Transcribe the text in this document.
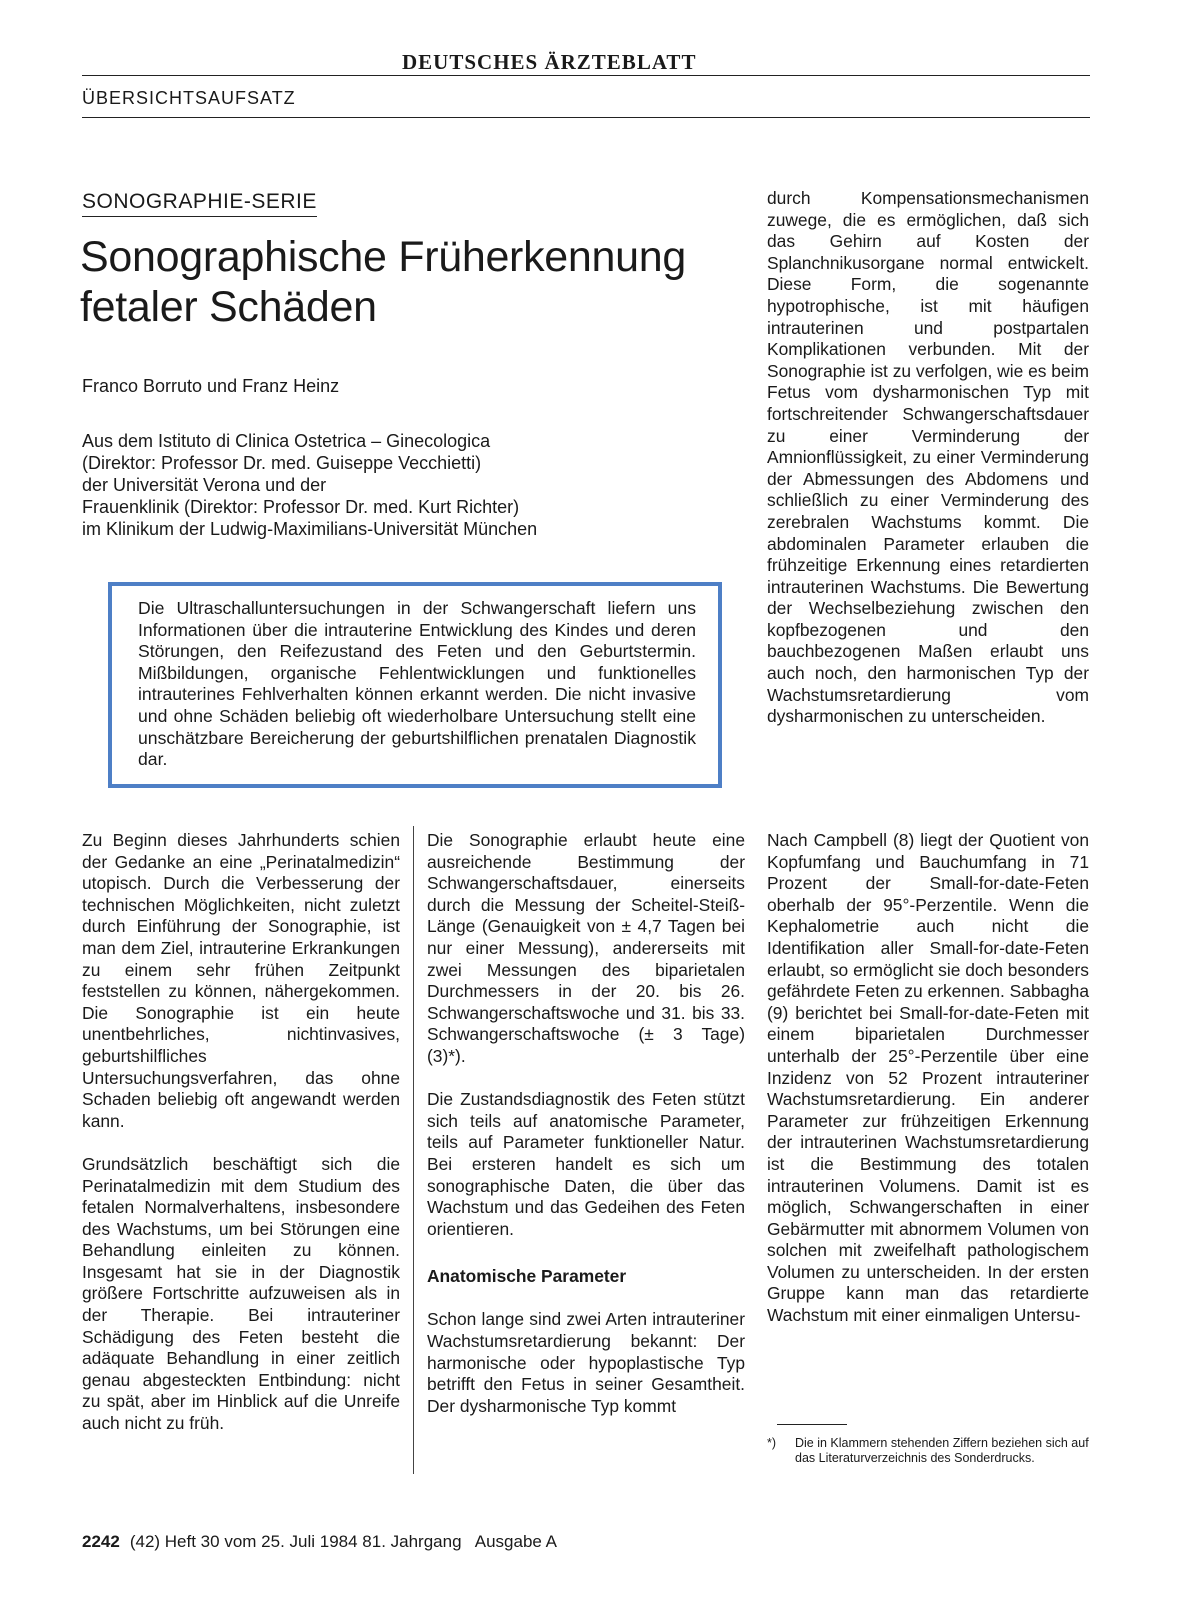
DEUTSCHES ÄRZTEBLATT
ÜBERSICHTSAUFSATZ
SONOGRAPHIE-SERIE
Sonographische Früherkennung
fetaler Schäden
Franco Borruto und Franz Heinz
Aus dem Istituto di Clinica Ostetrica – Ginecologica
(Direktor: Professor Dr. med. Guiseppe Vecchietti)
der Universität Verona und der
Frauenklinik (Direktor: Professor Dr. med. Kurt Richter)
im Klinikum der Ludwig-Maximilians-Universität München

Die Ultraschalluntersuchungen in der Schwangerschaft liefern uns Informationen über die intrauterine Entwicklung des Kindes und deren Störungen, den Reifezustand des Feten und den Geburtstermin. Mißbildungen, organische Fehlentwicklungen und funktionelles intrauterines Fehlverhalten können erkannt werden. Die nicht invasive und ohne Schäden beliebig oft wiederholbare Untersuchung stellt eine unschätzbare Bereicherung der geburtshilflichen prenatalen Diagnostik dar.

Zu Beginn dieses Jahrhunderts schien der Gedanke an eine „Perinatalmedizin“ utopisch. Durch die Verbesserung der technischen Möglichkeiten, nicht zuletzt durch Einführung der Sonographie, ist man dem Ziel, intrauterine Erkrankungen zu einem sehr frühen Zeitpunkt feststellen zu können, nähergekommen. Die Sonographie ist ein heute unentbehrliches, nichtinvasives, geburtshilfliches Untersuchungsverfahren, das ohne Schaden beliebig oft angewandt werden kann.

Grundsätzlich beschäftigt sich die Perinatalmedizin mit dem Studium des fetalen Normalverhaltens, insbesondere des Wachstums, um bei Störungen eine Behandlung einleiten zu können. Insgesamt hat sie in der Diagnostik größere Fortschritte aufzuweisen als in der Therapie. Bei intrauteriner Schädigung des Feten besteht die adäquate Behandlung in einer zeitlich genau abgesteckten Entbindung: nicht zu spät, aber im Hinblick auf die Unreife auch nicht zu früh.

Die Sonographie erlaubt heute eine ausreichende Bestimmung der Schwangerschaftsdauer, einerseits durch die Messung der Scheitel-Steiß-Länge (Genauigkeit von ± 4,7 Tagen bei nur einer Messung), andererseits mit zwei Messungen des biparietalen Durchmessers in der 20. bis 26. Schwangerschaftswoche und 31. bis 33. Schwangerschaftswoche (± 3 Tage) (3)*).

Die Zustandsdiagnostik des Feten stützt sich teils auf anatomische Parameter, teils auf Parameter funktioneller Natur. Bei ersteren handelt es sich um sonographische Daten, die über das Wachstum und das Gedeihen des Feten orientieren.

Anatomische Parameter

Schon lange sind zwei Arten intrauteriner Wachstumsretardierung bekannt: Der harmonische oder hypoplastische Typ betrifft den Fetus in seiner Gesamtheit. Der dysharmonische Typ kommt

durch Kompensationsmechanismen zuwege, die es ermöglichen, daß sich das Gehirn auf Kosten der Splanchnikusorgane normal entwickelt. Diese Form, die sogenannte hypotrophische, ist mit häufigen intrauterinen und postpartalen Komplikationen verbunden. Mit der Sonographie ist zu verfolgen, wie es beim Fetus vom dysharmonischen Typ mit fortschreitender Schwangerschaftsdauer zu einer Verminderung der Amnionflüssigkeit, zu einer Verminderung der Abmessungen des Abdomens und schließlich zu einer Verminderung des zerebralen Wachstums kommt. Die abdominalen Parameter erlauben die frühzeitige Erkennung eines retardierten intrauterinen Wachstums. Die Bewertung der Wechselbeziehung zwischen den kopfbezogenen und den bauchbezogenen Maßen erlaubt uns auch noch, den harmonischen Typ der Wachstumsretardierung vom dysharmonischen zu unterscheiden.

Nach Campbell (8) liegt der Quotient von Kopfumfang und Bauchumfang in 71 Prozent der Small-for-date-Feten oberhalb der 95°-Perzentile. Wenn die Kephalometrie auch nicht die Identifikation aller Small-for-date-Feten erlaubt, so ermöglicht sie doch besonders gefährdete Feten zu erkennen. Sabbagha (9) berichtet bei Small-for-date-Feten mit einem biparietalen Durchmesser unterhalb der 25°-Perzentile über eine Inzidenz von 52 Prozent intrauteriner Wachstumsretardierung. Ein anderer Parameter zur frühzeitigen Erkennung der intrauterinen Wachstumsretardierung ist die Bestimmung des totalen intrauterinen Volumens. Damit ist es möglich, Schwangerschaften in einer Gebärmutter mit abnormem Volumen von solchen mit zweifelhaft pathologischem Volumen zu unterscheiden. In der ersten Gruppe kann man das retardierte Wachstum mit einer einmaligen Untersu-

*)	Die in Klammern stehenden Ziffern beziehen sich auf das Literaturverzeichnis des Sonderdrucks.
2242 (42) Heft 30 vom 25. Juli 1984 81. Jahrgang   Ausgabe A
